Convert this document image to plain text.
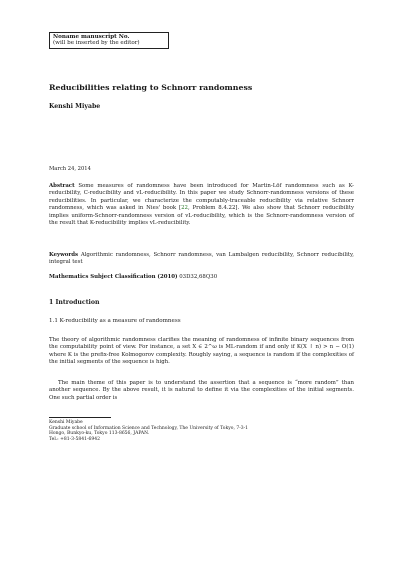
Noname manuscript No.
(will be inserted by the editor)
Reducibilities relating to Schnorr randomness
Kenshi Miyabe
March 24, 2014

Abstract Some measures of randomness have been introduced for Martin-Löf randomness such as K-reducibility, C-reducibility and vL-reducibility. In this paper we study Schnorr-randomness versions of these reducibilities. In particular, we characterize the computably-traceable reducibility via relative Schnorr randomness, which was asked in Nies' book [22, Problem 8.4.22]. We also show that Schnorr reducibility implies uniform-Schnorr-randomness version of vL-reducibility, which is the Schnorr-randomness version of the result that K-reducibility implies vL-reducibility.

Keywords Algorithmic randomness, Schnorr randomness, van Lambalgen reducibility, Schnorr reducibility, integral test

Mathematics Subject Classification (2010) 03D32,68Q30

1 Introduction
1.1 K-reducibility as a measure of randomness

The theory of algorithmic randomness clarifies the meaning of randomness of infinite binary sequences from the computability point of view. For instance, a set X ∈ 2^ω is ML-random if and only if K(X ↾ n) > n − O(1) where K is the prefix-free Kolmogorov complexity. Roughly saying, a sequence is random if the complexities of the initial segments of the sequence is high.

The main theme of this paper is to understand the assertion that a sequence is “more random” than another sequence. By the above result, it is natural to define it via the complexities of the initial segments. One such partial order is

Kenshi Miyabe
Graduate school of Information Science and Technology, The University of Tokyo, 7-3-1
Hongo, Bunkyo-ku, Tokyo 113-8656, JAPAN.
Tel.: +81-3-5841-6942
